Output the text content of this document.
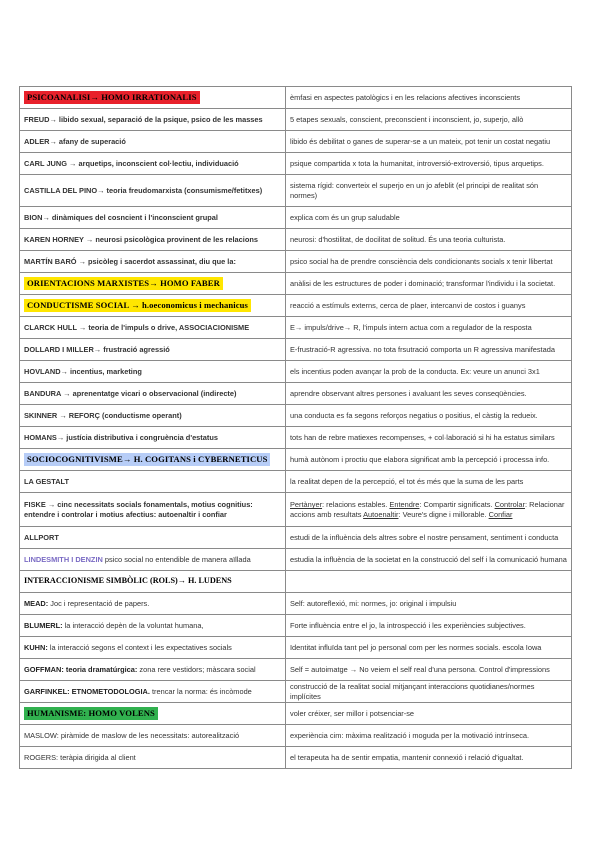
PSICOANALISI→ HOMO IRRATIONALIS	èmfasi en aspectes patològics i en les relacions afectives inconscients
FREUD→ libido sexual, separació de la psique, psico de les masses	5 etapes sexuals, conscient, preconscient i inconscient, jo, superjo, allò
ADLER→ afany de superació	libido és debilitat o ganes de superar-se a un mateix, pot tenir un costat negatiu
CARL JUNG → arquetips, inconscient col·lectiu, individuació	psique compartida x tota la humanitat, introversió-extroversió, tipus arquetips.
CASTILLA DEL PINO→ teoria freudomarxista (consumisme/fetitxes)	sistema rígid: converteix el superjo en un jo afeblit (el principi de realitat són normes)
BION→ dinàmiques del cosncient i l'inconscient grupal	explica com és un grup saludable
KAREN HORNEY → neurosi psicològica provinent de les relacions	neurosi: d'hostilitat, de docilitat de solitud. És una teoria culturista.
MARTÍN BARÓ → psicòleg i sacerdot assassinat, diu que la:	psico social ha de prendre consciència dels condicionants socials x tenir llibertat
ORIENTACIONS MARXISTES→ HOMO FABER	anàlisi de les estructures de poder i dominació; transformar l'individu i la societat.
CONDUCTISME SOCIAL → h.oeconomicus i mechanicus	reacció a estímuls externs, cerca de plaer, intercanvi de costos i guanys
CLARCK HULL → teoria de l'impuls o drive, ASSOCIACIONISME	E→ impuls/drive→ R, l'impuls intern actua com a regulador de la resposta
DOLLARD I MILLER→ frustració agressió	E-frustració-R agressiva. no tota frsutració comporta un R agressiva manifestada
HOVLAND→ incentius, marketing	els incentius poden avançar la prob de la conducta. Ex: veure un anunci 3x1
BANDURA → aprenentatge vicari o observacional (indirecte)	aprendre observant altres persones i avaluant les seves conseqüències.
SKINNER → REFORÇ (conductisme operant)	una conducta es fa segons reforços negatius o positius, el càstig la redueix.
HOMANS→ justícia distributiva i congruència d'estatus	tots han de rebre matiexes recompenses, + col·laboració si hi ha estatus similars
SOCIOCOGNITIVISME→ H. COGITANS i CYBERNETICUS	humà autònom i proctiu que elabora significat amb la percepció i processa info.
LA GESTALT	la realitat depen de la percepció, el tot és més que la suma de les parts
FISKE → cinc necessitats socials fonamentals, motius cognitius: entendre i controlar i motius afectius: autoenaltir i confiar	Pertànyer: relacions estables. Entendre: Compartir significats. Controlar: Relacionar accions amb resultats Autoenaltir: Veure's digne i millorable. Confiar
ALLPORT	estudi de la influència dels altres sobre el nostre pensament, sentiment i conducta
LINDESMITH I DENZIN psico social no entendible de manera aïllada	estudia la influència de la societat en la construcció del self i la comunicació humana
INTERACCIONISME SIMBÒLIC (ROLS)→ H. LUDENS	
MEAD: Joc i representació de papers.	Self: autoreflexió, mi: normes, jo: original i impulsiu
BLUMERL: la interacció depèn de la voluntat humana,	Forte influència entre el jo, la introspecció i les experiències subjectives.
KUHN: la interacció segons el context i les expectatives socials	Identitat influïda tant pel jo personal com per les normes socials. escola Iowa
GOFFMAN: teoria dramatúrgica: zona rere vestidors; màscara social	Self = autoimatge → No veiem el self real d'una persona. Control d'impressions
GARFINKEL: ETNOMETODOLOGIA. trencar la norma: és incòmode	construcció de la realitat social mitjançant interaccions quotidianes/normes implícites
HUMANISME: HOMO VOLENS	voler créixer, ser millor i potsenciar-se
MASLOW: piràmide de maslow de les necessitats: autorealització	experiència cim: màxima realització i moguda per la motivació intrínseca.
ROGERS: teràpia dirigida al client	el terapeuta ha de sentir empatia, mantenir connexió i relació d'igualtat.
